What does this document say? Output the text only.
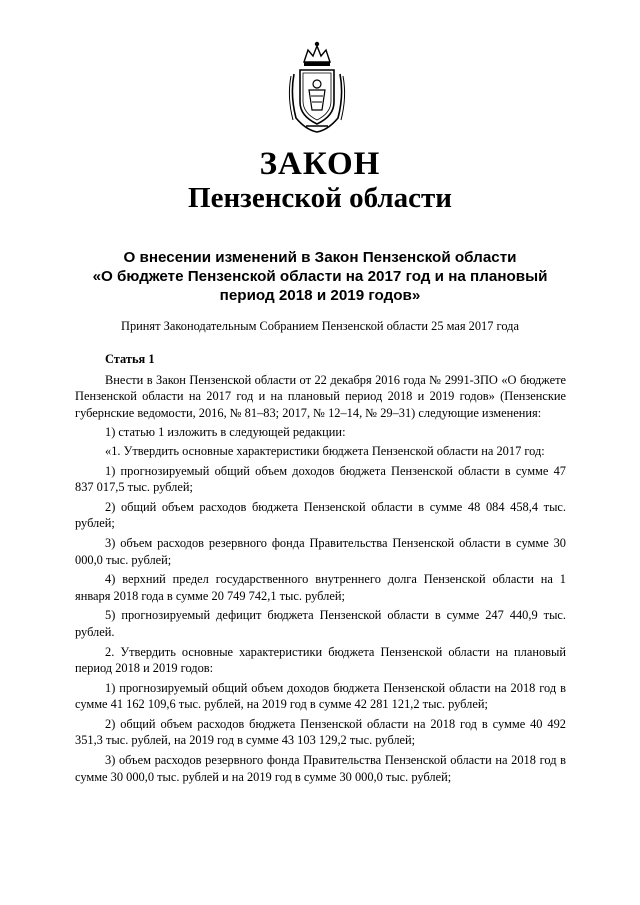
ЗАКОН
Пензенской области
О внесении изменений в Закон Пензенской области
«О бюджете Пензенской области на 2017 год и на плановый
период 2018 и 2019 годов»
Принят Законодательным Собранием Пензенской области 25 мая 2017 года
Статья 1

Внести в Закон Пензенской области от 22 декабря 2016 года № 2991-ЗПО «О бюджете Пензенской области на 2017 год и на плановый период 2018 и 2019 годов» (Пензенские губернские ведомости, 2016, № 81–83; 2017, № 12–14, № 29–31) следующие изменения:

1) статью 1 изложить в следующей редакции:

«1. Утвердить основные характеристики бюджета Пензенской области на 2017 год:

1) прогнозируемый общий объем доходов бюджета Пензенской области в сумме 47 837 017,5 тыс. рублей;

2) общий объем расходов бюджета Пензенской области в сумме 48 084 458,4 тыс. рублей;

3) объем расходов резервного фонда Правительства Пензенской области в сумме 30 000,0 тыс. рублей;

4) верхний предел государственного внутреннего долга Пензенской области на 1 января 2018 года в сумме 20 749 742,1 тыс. рублей;

5) прогнозируемый дефицит бюджета Пензенской области в сумме 247 440,9 тыс. рублей.

2. Утвердить основные характеристики бюджета Пензенской области на плановый период 2018 и 2019 годов:

1) прогнозируемый общий объем доходов бюджета Пензенской области на 2018 год в сумме 41 162 109,6 тыс. рублей, на 2019 год в сумме 42 281 121,2 тыс. рублей;

2) общий объем расходов бюджета Пензенской области на 2018 год в сумме 40 492 351,3 тыс. рублей, на 2019 год в сумме 43 103 129,2 тыс. рублей;

3) объем расходов резервного фонда Правительства Пензенской области на 2018 год в сумме 30 000,0 тыс. рублей и на 2019 год в сумме 30 000,0 тыс. рублей;
